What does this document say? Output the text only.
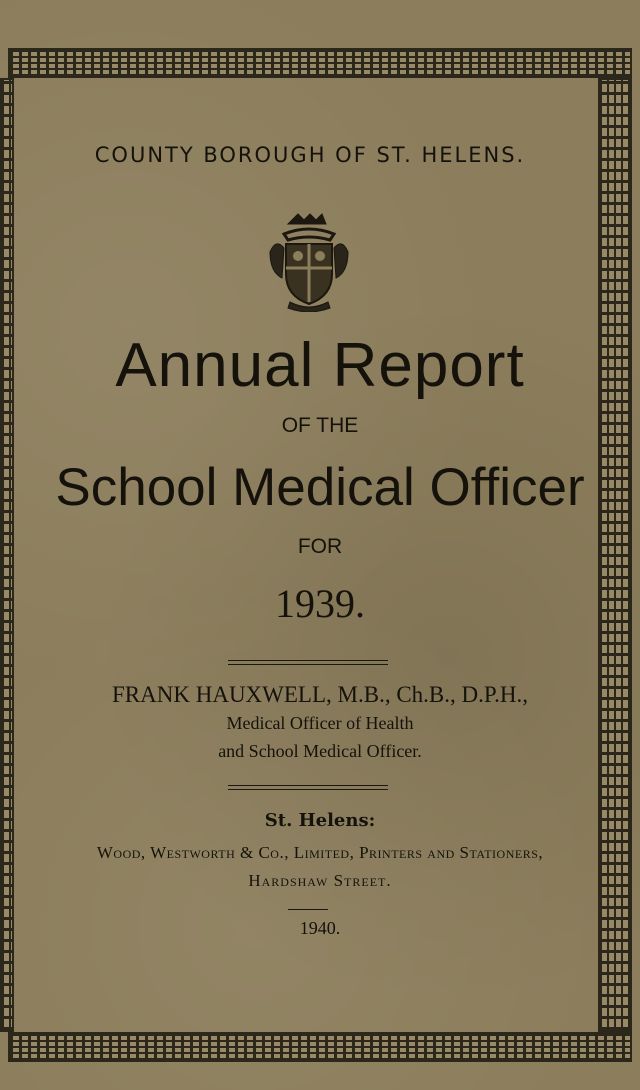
COUNTY BOROUGH OF ST. HELENS.
Annual Report
OF THE
School Medical Officer
FOR
1939.
FRANK HAUXWELL, M.B., Ch.B., D.P.H.,
Medical Officer of Health
and School Medical Officer.
St. Helens:
Wood, Westworth & Co., Limited, Printers and Stationers,
Hardshaw Street.
1940.
